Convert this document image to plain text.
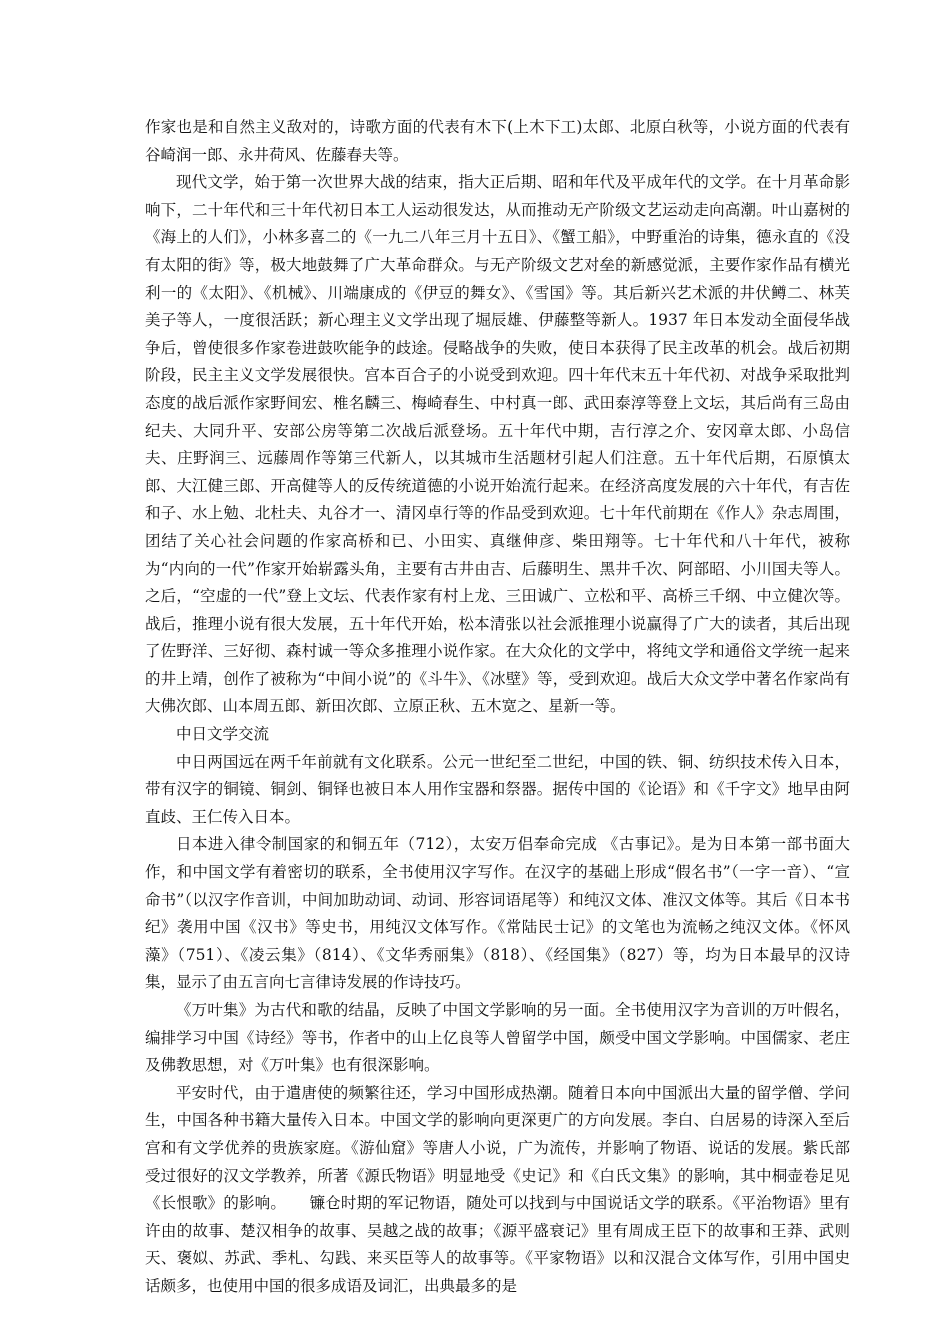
作家也是和自然主义敌对的，诗歌方面的代表有木下(上木下工)太郎、北原白秋等，小说方面的代表有谷崎润一郎、永井荷风、佐藤春夫等。

现代文学，始于第一次世界大战的结束，指大正后期、昭和年代及平成年代的文学。在十月革命影响下，二十年代和三十年代初日本工人运动很发达，从而推动无产阶级文艺运动走向高潮。叶山嘉树的《海上的人们》，小林多喜二的《一九二八年三月十五日》、《蟹工船》，中野重治的诗集，德永直的《没有太阳的街》等，极大地鼓舞了广大革命群众。与无产阶级文艺对垒的新感觉派，主要作家作品有横光利一的《太阳》、《机械》、川端康成的《伊豆的舞女》、《雪国》等。其后新兴艺术派的井伏鳟二、林芙美子等人，一度很活跃；新心理主义文学出现了堀辰雄、伊藤整等新人。1937 年日本发动全面侵华战争后，曾使很多作家卷进鼓吹能争的歧途。侵略战争的失败，使日本获得了民主改革的机会。战后初期阶段，民主主义文学发展很快。宫本百合子的小说受到欢迎。四十年代末五十年代初、对战争采取批判态度的战后派作家野间宏、椎名麟三、梅崎春生、中村真一郎、武田泰淳等登上文坛，其后尚有三岛由纪夫、大同升平、安部公房等第二次战后派登场。五十年代中期，吉行淳之介、安冈章太郎、小岛信夫、庄野润三、远藤周作等第三代新人，以其城市生活题材引起人们注意。五十年代后期，石原慎太郎、大江健三郎、开高健等人的反传统道德的小说开始流行起来。在经济高度发展的六十年代，有吉佐和子、水上勉、北杜夫、丸谷才一、清冈卓行等的作品受到欢迎。七十年代前期在《作人》杂志周围，团结了关心社会问题的作家高桥和已、小田实、真继伸彦、柴田翔等。七十年代和八十年代，被称为“内向的一代”作家开始崭露头角，主要有古井由吉、后藤明生、黑井千次、阿部昭、小川国夫等人。之后，“空虚的一代”登上文坛、代表作家有村上龙、三田诚广、立松和平、高桥三千纲、中立健次等。战后，推理小说有很大发展，五十年代开始，松本清张以社会派推理小说赢得了广大的读者，其后出现了佐野洋、三好彻、森村诚一等众多推理小说作家。在大众化的文学中，将纯文学和通俗文学统一起来的井上靖，创作了被称为“中间小说”的《斗牛》、《冰壁》等，受到欢迎。战后大众文学中著名作家尚有大佛次郎、山本周五郎、新田次郎、立原正秋、五木宽之、星新一等。

中日文学交流

中日两国远在两千年前就有文化联系。公元一世纪至二世纪，中国的铁、铜、纺织技术传入日本，带有汉字的铜镜、铜剑、铜铎也被日本人用作宝器和祭器。据传中国的《论语》和《千字文》地早由阿直歧、王仁传入日本。

日本进入律令制国家的和铜五年（712），太安万侣奉命完成 《古事记》。是为日本第一部书面大作，和中国文学有着密切的联系，全书使用汉字写作。在汉字的基础上形成“假名书”（一字一音）、“宣命书”（以汉字作音训，中间加助动词、动词、形容词语尾等）和纯汉文体、准汉文体等。其后《日本书纪》袭用中国《汉书》等史书，用纯汉文体写作。《常陆民士记》的文笔也为流畅之纯汉文体。《怀风藻》（751）、《凌云集》（814）、《文华秀丽集》（818）、《经国集》（827）等，均为日本最早的汉诗集，显示了由五言向七言律诗发展的作诗技巧。

《万叶集》为古代和歌的结晶，反映了中国文学影响的另一面。全书使用汉字为音训的万叶假名，编排学习中国《诗经》等书，作者中的山上亿良等人曾留学中国，颇受中国文学影响。中国儒家、老庄及佛教思想，对《万叶集》也有很深影响。

平安时代，由于遣唐使的频繁往还，学习中国形成热潮。随着日本向中国派出大量的留学僧、学问生，中国各种书籍大量传入日本。中国文学的影响向更深更广的方向发展。李白、白居易的诗深入至后宫和有文学优养的贵族家庭。《游仙窟》等唐人小说，广为流传，并影响了物语、说话的发展。紫氏部受过很好的汉文学教养，所著《源氏物语》明显地受《史记》和《白氏文集》的影响，其中桐壶卷足见《长恨歌》的影响。　　镰仓时期的军记物语，随处可以找到与中国说话文学的联系。《平治物语》里有许由的故事、楚汉相争的故事、吴越之战的故事；《源平盛衰记》里有周成王臣下的故事和王莽、武则天、褒姒、苏武、季札、勾践、来买臣等人的故事等。《平家物语》以和汉混合文体写作，引用中国史话颇多，也使用中国的很多成语及词汇，出典最多的是
